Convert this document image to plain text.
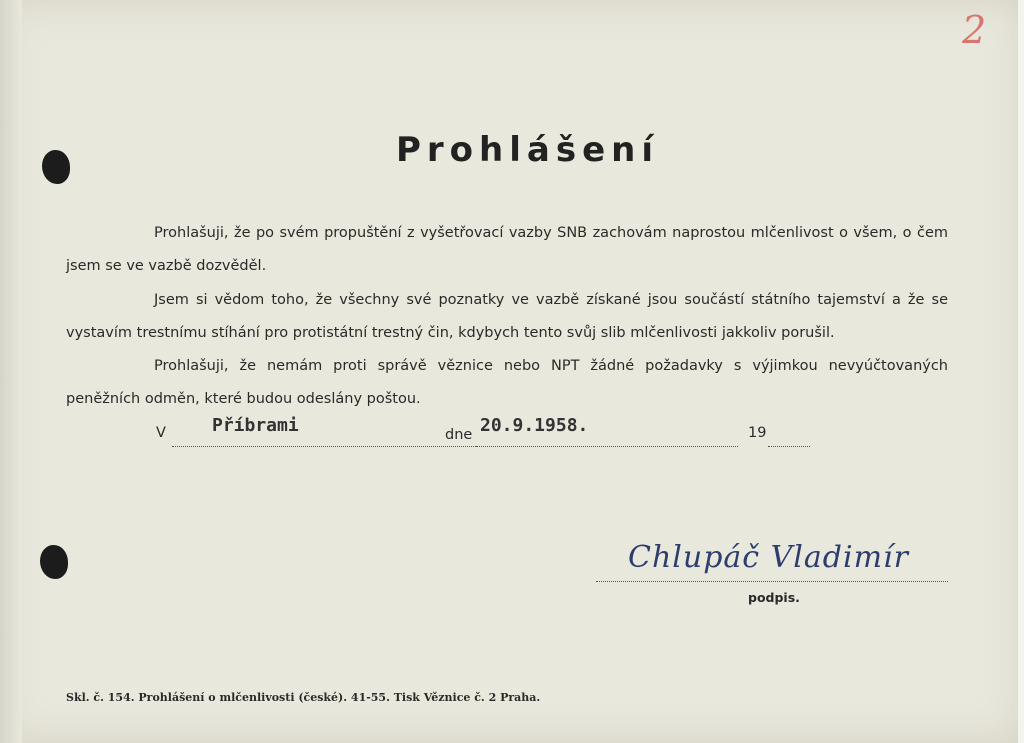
2
Prohlášení
Prohlašuji, že po svém propuštění z vyšetřovací vazby SNB zachovám naprostou mlčenlivost o všem, o čem jsem se ve vazbě dozvěděl.
Jsem si vědom toho, že všechny své poznatky ve vazbě získané jsou součástí státního tajemství a že se vystavím trestnímu stíhání pro protistátní trestný čin, kdybych tento svůj slib mlčenlivosti jakkoliv porušil.
Prohlašuji, že nemám proti správě věznice nebo NPT žádné požadavky s výjimkou nevyúčtovaných peněžních odměn, které budou odeslány poštou.
V	Příbrami	dne 20.9.1958.	19
Chlupáč Vladimír
podpis.
Skl. č. 154. Prohlášení o mlčenlivosti (české). 41-55. Tisk Věznice č. 2 Praha.
